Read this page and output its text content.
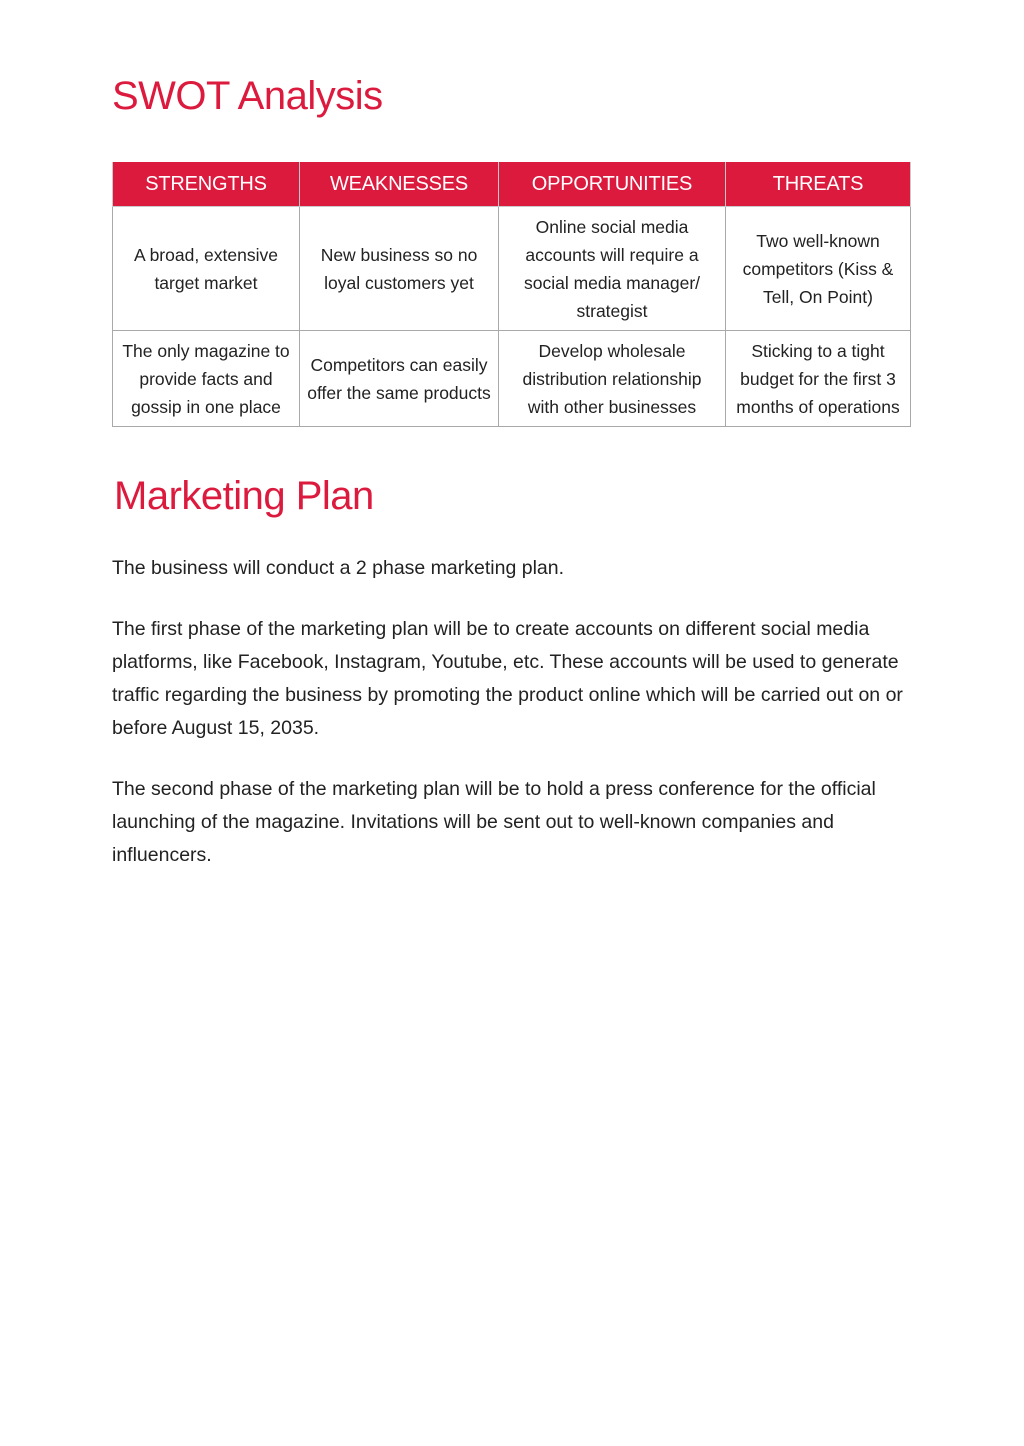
SWOT Analysis
STRENGTHS	WEAKNESSES	OPPORTUNITIES	THREATS
A broad, extensive target market	New business so no loyal customers yet	Online social media accounts will require a social media manager/ strategist	Two well-known competitors (Kiss & Tell, On Point)
The only magazine to provide facts and gossip in one place	Competitors can easily offer the same products	Develop wholesale distribution relationship with other businesses	Sticking to a tight budget for the first 3 months of operations
Marketing Plan

The business will conduct a 2 phase marketing plan.

The first phase of the marketing plan will be to create accounts on different social media platforms, like Facebook, Instagram, Youtube, etc. These accounts will be used to generate traffic regarding the business by promoting the product online which will be carried out on or before August 15, 2035.

The second phase of the marketing plan will be to hold a press conference for the official launching of the magazine. Invitations will be sent out to well-known companies and influencers.
